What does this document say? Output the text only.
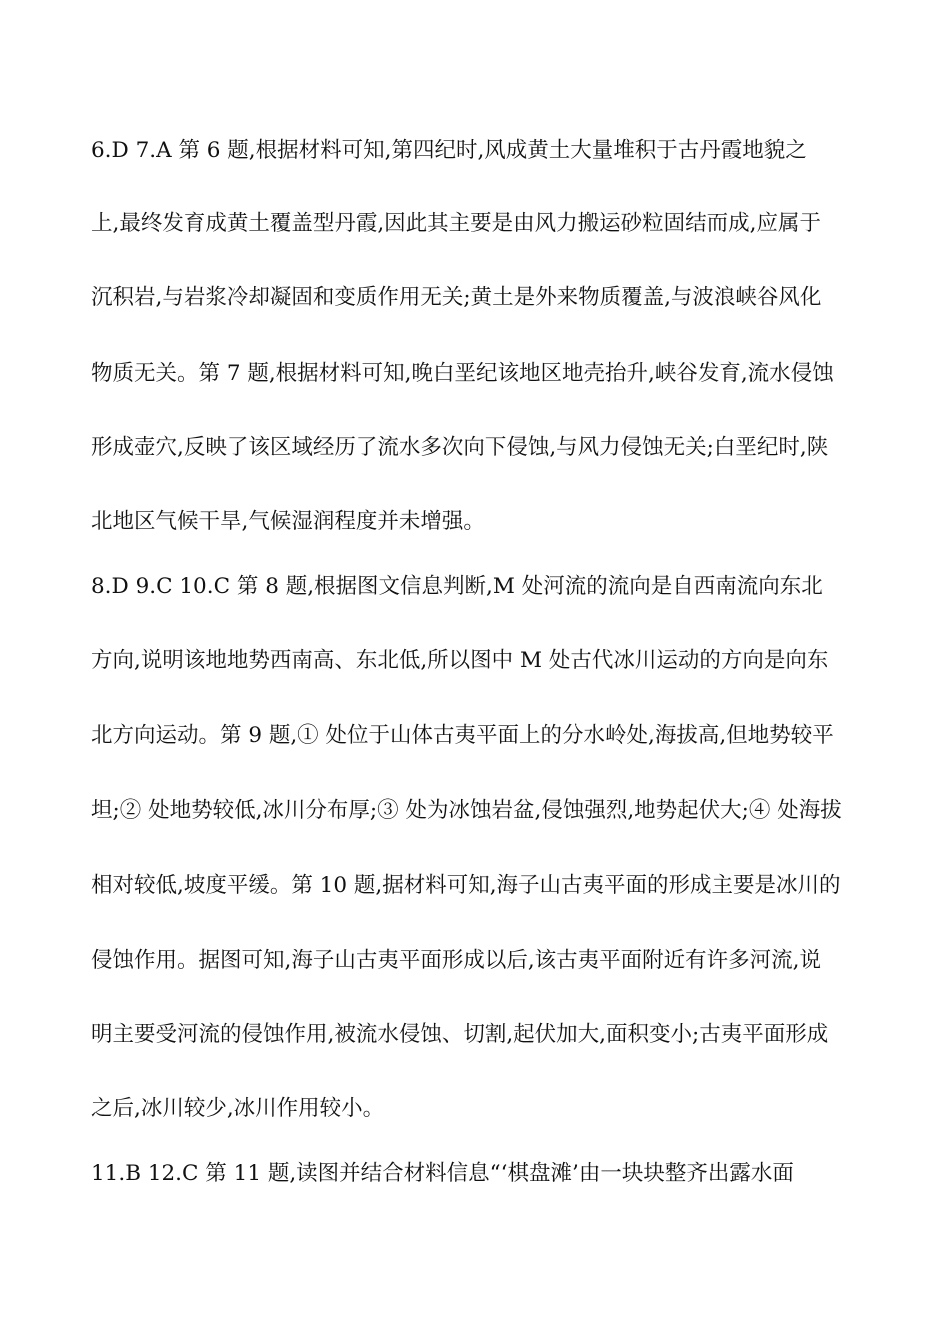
6.D 7.A 第 6 题,根据材料可知,第四纪时,风成黄土大量堆积于古丹霞地貌之
上,最终发育成黄土覆盖型丹霞,因此其主要是由风力搬运砂粒固结而成,应属于
沉积岩,与岩浆冷却凝固和变质作用无关;黄土是外来物质覆盖,与波浪峡谷风化
物质无关。第 7 题,根据材料可知,晚白垩纪该地区地壳抬升,峡谷发育,流水侵蚀
形成壶穴,反映了该区域经历了流水多次向下侵蚀,与风力侵蚀无关;白垩纪时,陕
北地区气候干旱,气候湿润程度并未增强。
8.D 9.C 10.C 第 8 题,根据图文信息判断,M 处河流的流向是自西南流向东北
方向,说明该地地势西南高、东北低,所以图中 M 处古代冰川运动的方向是向东
北方向运动。第 9 题,① 处位于山体古夷平面上的分水岭处,海拔高,但地势较平
坦;② 处地势较低,冰川分布厚;③ 处为冰蚀岩盆,侵蚀强烈,地势起伏大;④ 处海拔
相对较低,坡度平缓。第 10 题,据材料可知,海子山古夷平面的形成主要是冰川的
侵蚀作用。据图可知,海子山古夷平面形成以后,该古夷平面附近有许多河流,说
明主要受河流的侵蚀作用,被流水侵蚀、切割,起伏加大,面积变小;古夷平面形成
之后,冰川较少,冰川作用较小。
11.B 12.C 第 11 题,读图并结合材料信息“‘棋盘滩’由一块块整齐出露水面
